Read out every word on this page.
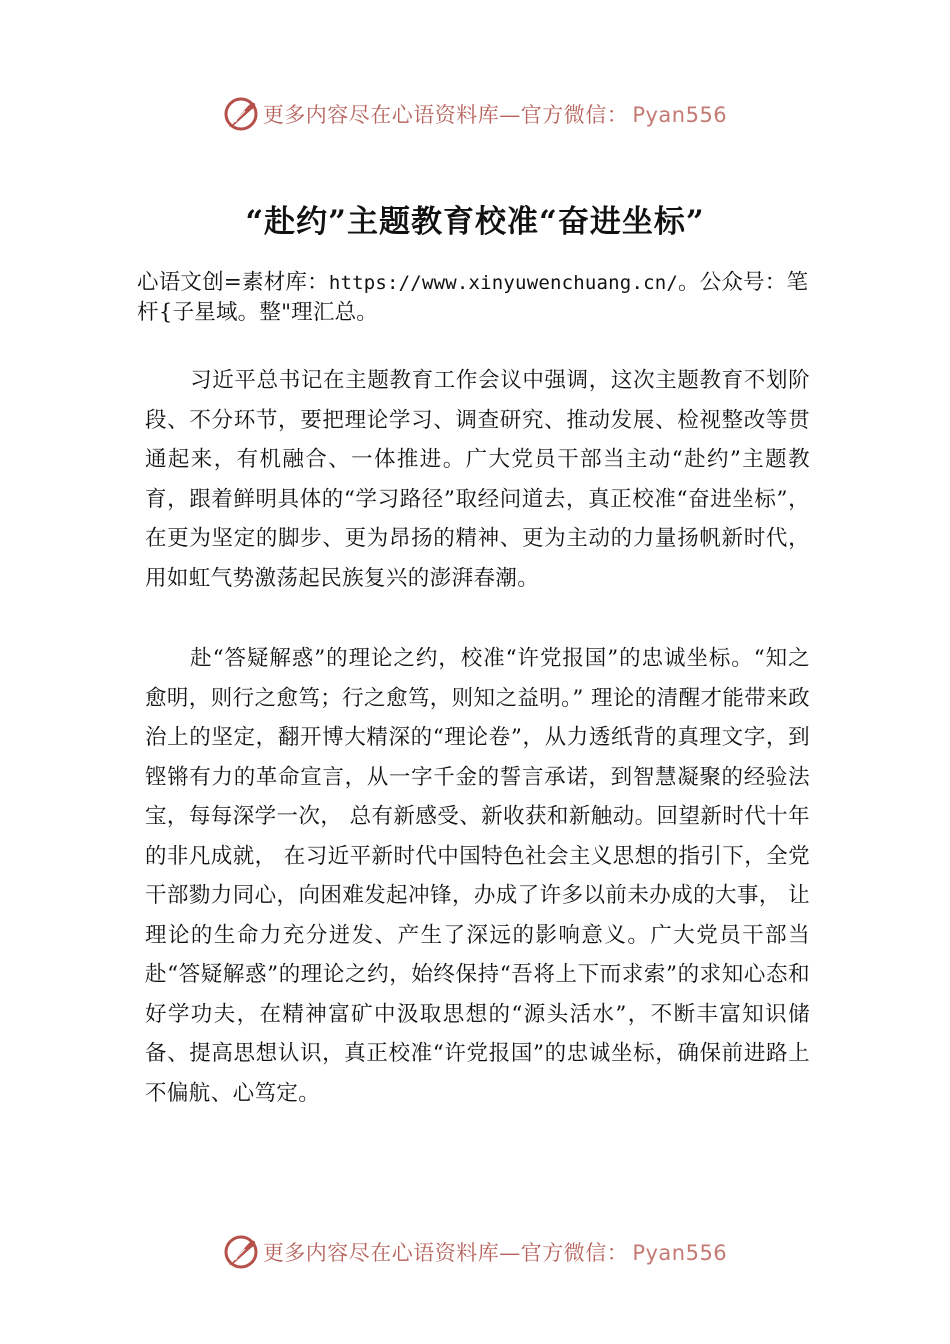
更多内容尽在心语资料库—官方微信： Pyan556
“赴约”主题教育校准“奋进坐标”
心语文创=素材库：https://www.xinyuwenchuang.cn/。公众号：笔杆{子星域。整"理汇总。
习近平总书记在主题教育工作会议中强调，这次主题教育不划阶段、不分环节，要把理论学习、调查研究、推动发展、检视整改等贯通起来，有机融合、一体推进。广大党员干部当主动“赴约”主题教育，跟着鲜明具体的“学习路径”取经问道去，真正校准“奋进坐标”，在更为坚定的脚步、更为昂扬的精神、更为主动的力量扬帆新时代，用如虹气势激荡起民族复兴的澎湃春潮。
赴“答疑解惑”的理论之约，校准“许党报国”的忠诚坐标。“知之愈明，则行之愈笃；行之愈笃，则知之益明。” 理论的清醒才能带来政治上的坚定，翻开博大精深的“理论卷”，从力透纸背的真理文字，到铿锵有力的革命宣言，从一字千金的誓言承诺，到智慧凝聚的经验法宝，每每深学一次， 总有新感受、新收获和新触动。回望新时代十年的非凡成就， 在习近平新时代中国特色社会主义思想的指引下，全党干部勠力同心，向困难发起冲锋，办成了许多以前未办成的大事， 让理论的生命力充分迸发、产生了深远的影响意义。广大党员干部当赴“答疑解惑”的理论之约，始终保持“吾将上下而求索”的求知心态和好学功夫，在精神富矿中汲取思想的“源头活水”，不断丰富知识储备、提高思想认识，真正校准“许党报国”的忠诚坐标，确保前进路上不偏航、心笃定。
更多内容尽在心语资料库—官方微信： Pyan556
